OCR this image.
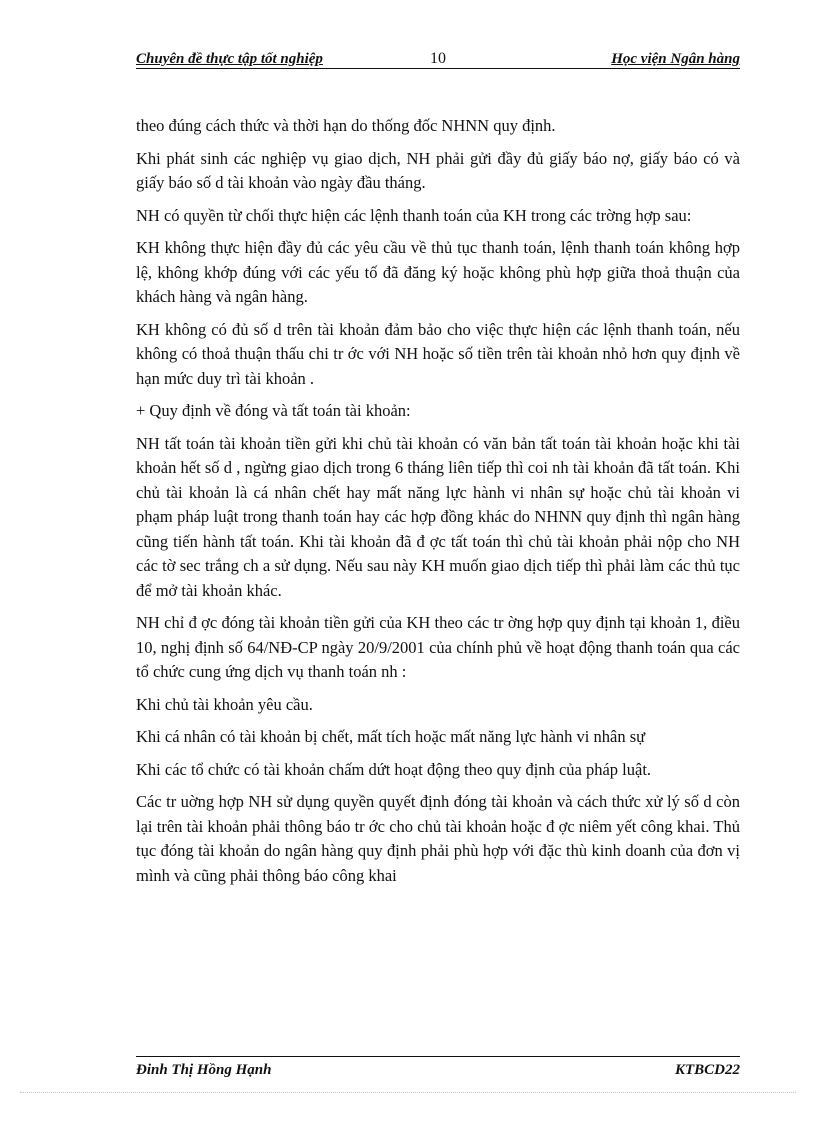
Chuyên đề thực tập tốt nghiệp	10	Học viện Ngân hàng

theo đúng cách thức và thời hạn do thống đốc NHNN quy định.

Khi phát sinh các nghiệp vụ giao dịch, NH phải gửi đầy đủ giấy báo nợ, giấy báo có và giấy báo số d tài khoản vào ngày đầu tháng.

NH có quyền từ chối thực hiện các lệnh thanh toán của KH trong các trờng hợp sau:

KH không thực hiện đầy đủ các yêu cầu về thủ tục thanh toán, lệnh thanh toán không hợp lệ, không khớp đúng với các yếu tố đã đăng ký hoặc không phù hợp giữa thoả thuận của khách hàng và ngân hàng.

KH không có đủ số d trên tài khoản đảm bảo cho việc thực hiện các lệnh thanh toán, nếu không có thoả thuận thấu chi tr ớc với NH hoặc số tiền trên tài khoản nhỏ hơn quy định về hạn mức duy trì tài khoản .

+ Quy định về đóng và tất toán tài khoản:

NH tất toán tài khoản tiền gửi khi chủ tài khoản có văn bản tất toán tài khoản hoặc khi tài khoản hết số d , ngừng giao dịch trong 6 tháng liên tiếp thì coi nh tài khoản đã tất toán. Khi chủ tài khoản là cá nhân chết hay mất năng lực hành vi nhân sự hoặc chủ tài khoản vi phạm pháp luật trong thanh toán hay các hợp đồng khác do NHNN quy định thì ngân hàng cũng tiến hành tất toán. Khi tài khoản đã đ ợc tất toán thì chủ tài khoản phải nộp cho NH các tờ sec trắng ch a sử dụng. Nếu sau này KH muốn giao dịch tiếp thì phải làm các thủ tục để mở tài khoản khác.

NH chỉ đ ợc đóng tài khoản tiền gửi của KH theo các tr ờng hợp quy định tại khoản 1, điều 10, nghị định số 64/NĐ-CP ngày 20/9/2001 của chính phủ về hoạt động thanh toán qua các tổ chức cung ứng dịch vụ thanh toán nh :

Khi chủ tài khoản yêu cầu.

Khi cá nhân có tài khoản bị chết, mất tích hoặc mất năng lực hành vi nhân sự

Khi các tổ chức có tài khoản chấm dứt hoạt động theo quy định của pháp luật.

Các tr uờng hợp NH sử dụng quyền quyết định đóng tài khoản và cách thức xử lý số d còn lại trên tài khoản phải thông báo tr ớc cho chủ tài khoản hoặc đ ợc niêm yết công khai. Thủ tục đóng tài khoản do ngân hàng quy định phải phù hợp với đặc thù kinh doanh của đơn vị mình và cũng phải thông báo công khai

Đinh Thị Hồng Hạnh	KTBCD22
